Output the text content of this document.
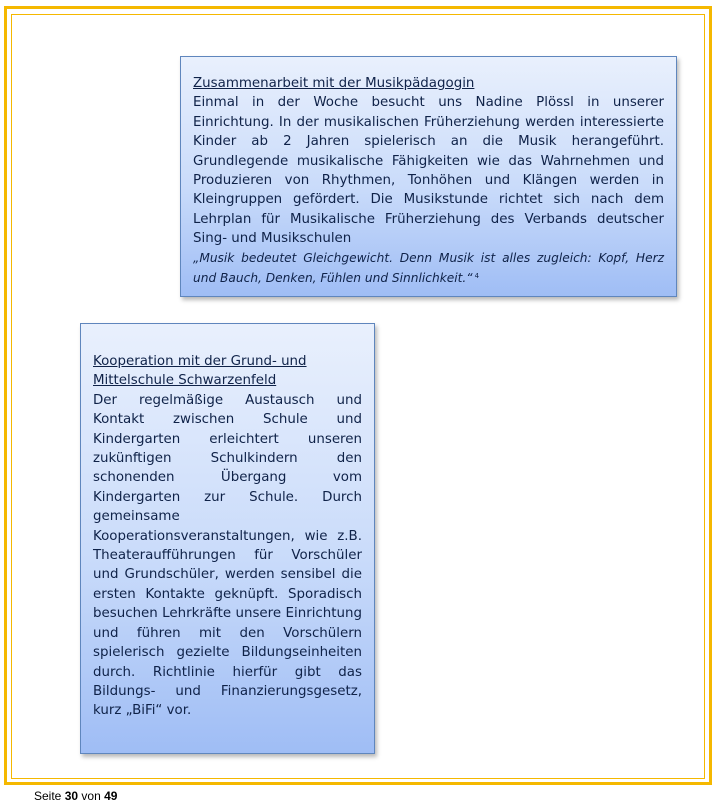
Zusammenarbeit mit der Musikpädagogin
Einmal in der Woche besucht uns Nadine Plössl in unserer Einrichtung. In der musikalischen Früherziehung werden interessierte Kinder ab 2 Jahren spielerisch an die Musik herangeführt. Grundlegende musikalische Fähigkeiten wie das Wahrnehmen und Produzieren von Rhythmen, Tonhöhen und Klängen werden in Kleingruppen gefördert. Die Musikstunde richtet sich nach dem Lehrplan für Musikalische Früherziehung des Verbands deutscher Sing- und Musikschulen
„Musik bedeutet Gleichgewicht. Denn Musik ist alles zugleich: Kopf, Herz und Bauch, Denken, Fühlen und Sinnlichkeit.“ $^4$
Kooperation mit der Grund- und Mittelschule Schwarzenfeld
Der regelmäßige Austausch und Kontakt zwischen Schule und Kindergarten erleichtert unseren zukünftigen Schulkindern den schonenden Übergang vom Kindergarten zur Schule. Durch gemeinsame Kooperationsveranstaltungen, wie z.B. Theateraufführungen für Vorschüler und Grundschüler, werden sensibel die ersten Kontakte geknüpft. Sporadisch besuchen Lehrkräfte unsere Einrichtung und führen mit den Vorschülern spielerisch gezielte Bildungseinheiten durch. Richtlinie hierfür gibt das Bildungs- und Finanzierungsgesetz, kurz „BiFi“ vor.
Seite 30 von 49
